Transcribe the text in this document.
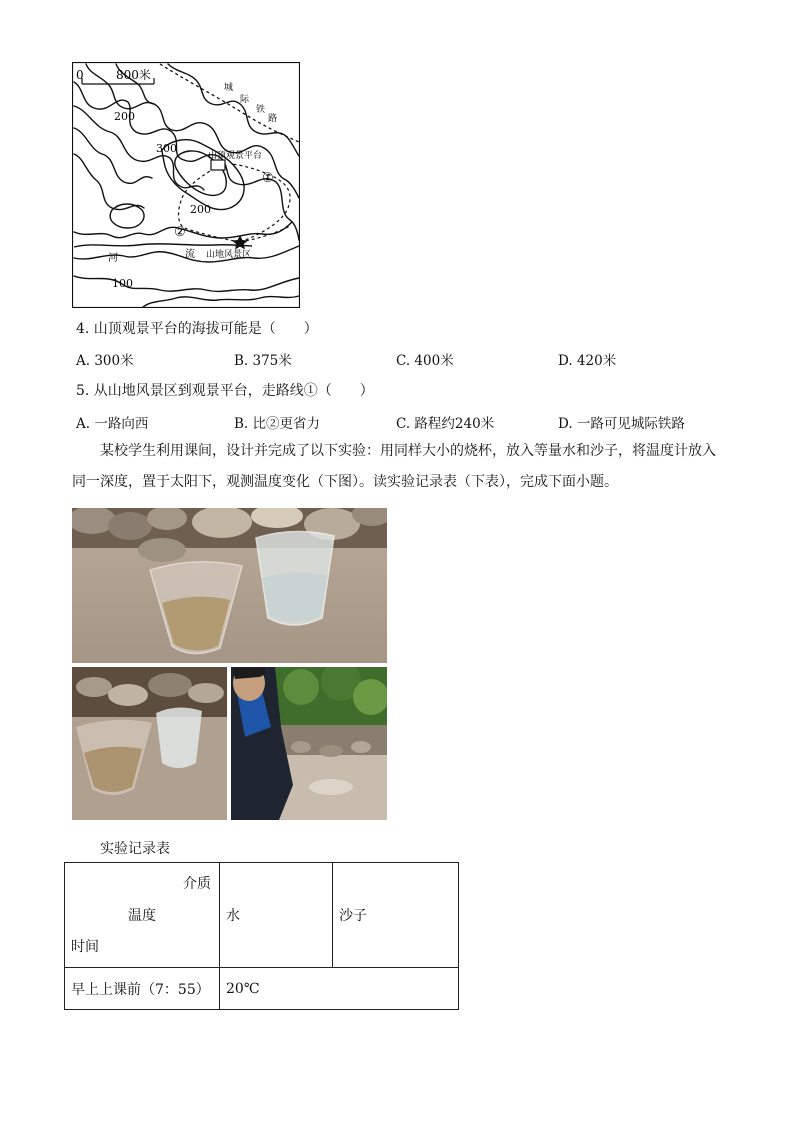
0	800米
200
300
200
100
城
际
铁
路
山顶观景平台
①
②
河	流 山地风景区
4. 山顶观景平台的海拔可能是（　　）
A. 300米	B. 375米	C. 400米	D. 420米
5. 从山地风景区到观景平台，走路线①（　　）
A. 一路向西	B. 比②更省力	C. 路程约240米	D. 一路可见城际铁路
某校学生利用课间，设计并完成了以下实验：用同样大小的烧杯，放入等量水和沙子，将温度计放入
同一深度，置于太阳下，观测温度变化（下图）。读实验记录表（下表），完成下面小题。
实验记录表
介质
温度
时间	水	沙子
早上上课前（7：55）	20℃	
